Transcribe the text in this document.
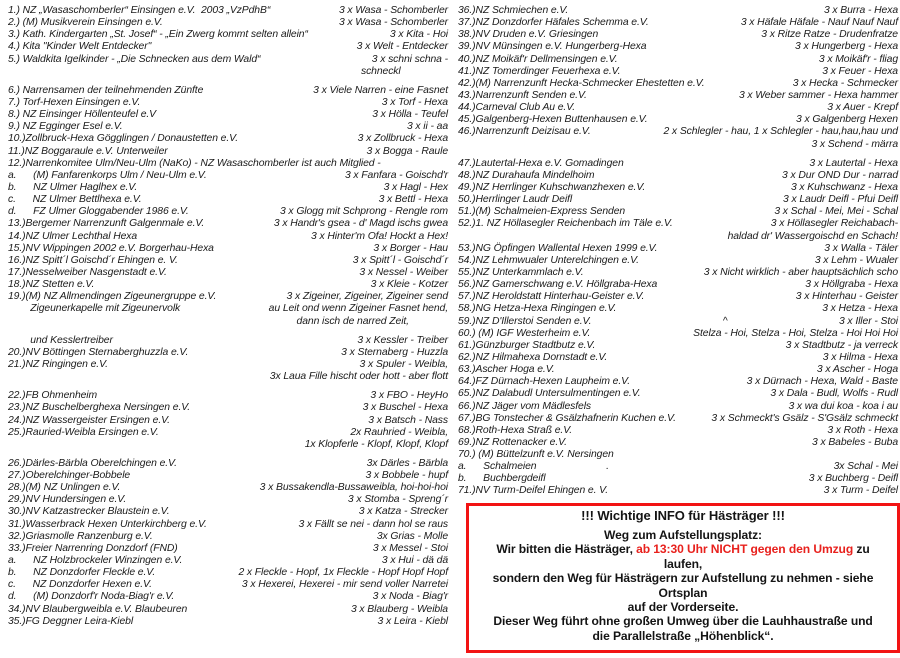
1.) NZ „Wasaschomberler“ Einsingen e.V.  2003 „VzPdhB“	3 x Wasa - Schomberler
2.) (M) Musikverein Einsingen e.V.	3 x Wasa - Schomberler
3.) Kath. Kindergarten „St. Josef“ - „Ein Zwerg kommt selten allein“	3 x Kita - Hoi
4.) Kita "Kinder Welt Entdecker"	3 x Welt - Entdecker
5.) Waldkita Igelkinder - „Die Schnecken aus dem Wald“	3 x schni schna -
schneckl
6.) Narrensamen der teilnehmenden Zünfte	3 x Viele Narren - eine Fasnet
7.) Torf-Hexen Einsingen e.V.	3 x Torf - Hexa
8.) NZ Einsinger Höllenteufel e.V	3 x Hölla - Teufel
9.) NZ Egginger Esel e.V.	3 x ii - aa
10.)Zollbruck-Hexa Gögglingen / Donaustetten e.V.	3 x Zollbruck - Hexa
11.)NZ Boggaraule e.V. Unterweiler	3 x Bogga - Raule
12.)Narrenkomitee Ulm/Neu-Ulm (NaKo) - NZ Wasaschomberler ist auch Mitglied -
a.      (M) Fanfarenkorps Ulm / Neu-Ulm e.V.	3 x Fanfara - Goischd'r
b.      NZ Ulmer Haglhex e.V.	3 x Hagl - Hex
c.      NZ Ulmer Bettlhexa e.V.	3 x Bettl - Hexa
d.      FZ Ulmer Gloggabender 1986 e.V.	3 x Glogg mit Schprong - Rengle rom
13.)Bergemer Narrenzunft Galgenmale e.V.	3 x Handr's gsea - d' Magd ischs gwea
14.)NZ Ulmer Lechthal Hexa	3 x Hinter'm Ofa! Hockt a Hex!
15.)NV Wippingen 2002 e.V. Borgerhau-Hexa	3 x Borger - Hau
16.)NZ Spitt´l Goischd´r Ehingen e. V.	3 x Spitt´l - Goischd´r
17.)Nesselweiber Nasgenstadt e.V.	3 x Nessel - Weiber
18.)NZ Stetten e.V.	3 x Kleie - Kotzer
19.)(M) NZ Allmendingen Zigeunergruppe e.V.	3 x Zigeiner, Zigeiner, Zigeiner send
Zigeunerkapelle mit Zigeunervolk	au Leit ond wenn Zigeiner Fasnet hend,
dann isch de narred Zeit,
und Kesslertreiber	3 x Kessler - Treiber
20.)NV Böttingen Sternaberghuzzla e.V.	3 x Sternaberg - Huzzla
21.)NZ Ringingen e.V.	3 x Spuler - Weibla,
3x Laua Fille hischt oder hott - aber flott
22.)FB Ohmenheim	3 x FBO - HeyHo
23.)NZ Buschelberghexa Nersingen e.V.	3 x Buschel - Hexa
24.)NZ Wassergeister Ersingen e.V.	3 x Batsch - Nass
25.)Rauried-Weibla Ersingen e.V.	2x Rauhried - Weibla,
1x Klopferle - Klopf, Klopf, Klopf
26.)Därles-Bärbla Oberelchingen e.V.	3x Därles - Bärbla
27.)Oberelchinger-Bobbele	3 x Bobbele - hupf
28.)(M) NZ Unlingen e.V.	3 x Bussakendla-Bussaweibla, hoi-hoi-hoi
29.)NV Hundersingen e.V.	3 x Stomba - Spreng´r
30.)NV Katzastrecker Blaustein e.V.	3 x Katza - Strecker
31.)Wasserbrack Hexen Unterkirchberg e.V.	3 x Fällt se nei - dann hol se raus
32.)Griasmolle Ranzenburg e.V.	3x Grias - Molle
33.)Freier Narrenring Donzdorf (FND)	3 x Messel - Stoi
a.      NZ Holzbrockeler Winzingen e.V.	3 x Hui - dä dä
b.      NZ Donzdorfer Fleckle e.V.	2 x Fleckle - Hopf, 1x Fleckle - Hopf Hopf Hopf
c.      NZ Donzdorfer Hexen e.V.	3 x Hexerei, Hexerei - mir send voller Narretei
d.      (M) Donzdorf'r Noda-Biag'r e.V.	3 x Noda - Biag'r
34.)NV Blaubergweibla e.V. Blaubeuren	3 x Blauberg - Weibla
35.)FG Deggner Leira-Kiebl	3 x Leira - Kiebl
36.)NZ Schmiechen e.V.	3 x Burra - Hexa
37.)NZ Donzdorfer Häfales Schemma e.V.	3 x Häfale Häfale - Nauf Nauf Nauf
38.)NV Druden e.V. Griesingen	3 x Ritze Ratze - Drudenfratze
39.)NV Münsingen e.V. Hungerberg-Hexa	3 x Hungerberg - Hexa
40.)NZ Moikäf'r Dellmensingen e.V.	3 x Moikäf'r - fliag
41.)NZ Tomerdinger Feuerhexa e.V.	3 x Feuer - Hexa
42.)(M) Narrenzunft Hecka-Schmecker Ehestetten e.V.	3 x Hecka - Schmecker
43.)Narrenzunft Senden e.V.	3 x Weber sammer - Hexa hammer
44.)Carneval Club Au e.V.	3 x Auer - Krepf
45.)Galgenberg-Hexen Buttenhausen e.V.	3 x Galgenberg Hexen
46.)Narrenzunft Deizisau e.V.	2 x Schlegler - hau, 1 x Schlegler - hau,hau,hau und
3 x Schend - märra
47.)Lautertal-Hexa e.V. Gomadingen	3 x Lautertal - Hexa
48.)NZ Durahaufa Mindelhoim	3 x Dur OND Dur - narrad
49.)NZ Herrlinger Kuhschwanzhexen e.V.	3 x Kuhschwanz - Hexa
50.)Herrlinger Laudr Deifl	3 x Laudr Deifl - Pfui Deifl
51.)(M) Schalmeien-Express Senden	3 x Schal - Mei, Mei - Schal
52.)1. NZ Höllasegler Reichenbach im Täle e.V.	3 x Höllasegler Reichabach-
haldad dr' Wassergoischd en Schach!
53.)NG Öpfingen Wallental Hexen 1999 e.V.	3 x Walla - Täler
54.)NZ Lehmwualer Unterelchingen e.V.	3 x Lehm - Wualer
55.)NZ Unterkammlach e.V.	3 x Nicht wirklich - aber hauptsächlich scho
56.)NZ Gamerschwang e.V. Höllgraba-Hexa	3 x Höllgraba - Hexa
57.)NZ Heroldstatt Hinterhau-Geister e.V.	3 x Hinterhau - Geister
58.)NG Hetza-Hexa Ringingen e.V.	3 x Hetza - Hexa
59.)NZ D'Illerstoi Senden e.V.	^                                        3 x Iller - Stoi
60.) (M) IGF Westerheim e.V.	Stelza - Hoi, Stelza - Hoi, Stelza - Hoi Hoi Hoi
61.)Günzburger Stadtbutz e.V.	3 x Stadtbutz - ja verreck
62.)NZ Hilmahexa Dornstadt e.V.	3 x Hilma - Hexa
63.)Ascher Hoga e.V.	3 x Ascher - Hoga
64.)FZ Dürnach-Hexen Laupheim e.V.	3 x Dürnach - Hexa, Wald - Baste
65.)NZ Dalabudl Untersulmentingen e.V.	3 x Dala - Budl, Wolfs - Rudl
66.)NZ Jäger vom Mädlesfels	3 x wa dui koa - koa i au
67.)BG Tonstecher & Gsälzhafnerin Kuchen e.V.	3 x Schmeckt's Gsälz - S'Gsälz schmeckt
68.)Roth-Hexa Straß e.V.	3 x Roth - Hexa
69.)NZ Rottenacker e.V.	3 x Babeles - Buba
70.) (M) Büttelzunft e.V. Nersingen
a.      Schalmeien                         .	3x Schal - Mei
b.      Buchbergdeifl	3 x Buchberg - Deifl
71.)NV Turm-Deifel Ehingen e. V.	3 x Turm - Deifel
!!! Wichtige INFO für Hästräger !!!
Weg zum Aufstellungsplatz:
Wir bitten die Hästräger, ab 13:30 Uhr NICHT gegen den Umzug zu laufen,
sondern den Weg für Hästrägern zur Aufstellung zu nehmen - siehe Ortsplan
auf der Vorderseite.
Dieser Weg führt ohne großen Umweg über die Lauhhaustraße und
die Parallelstraße „Höhenblick“.
